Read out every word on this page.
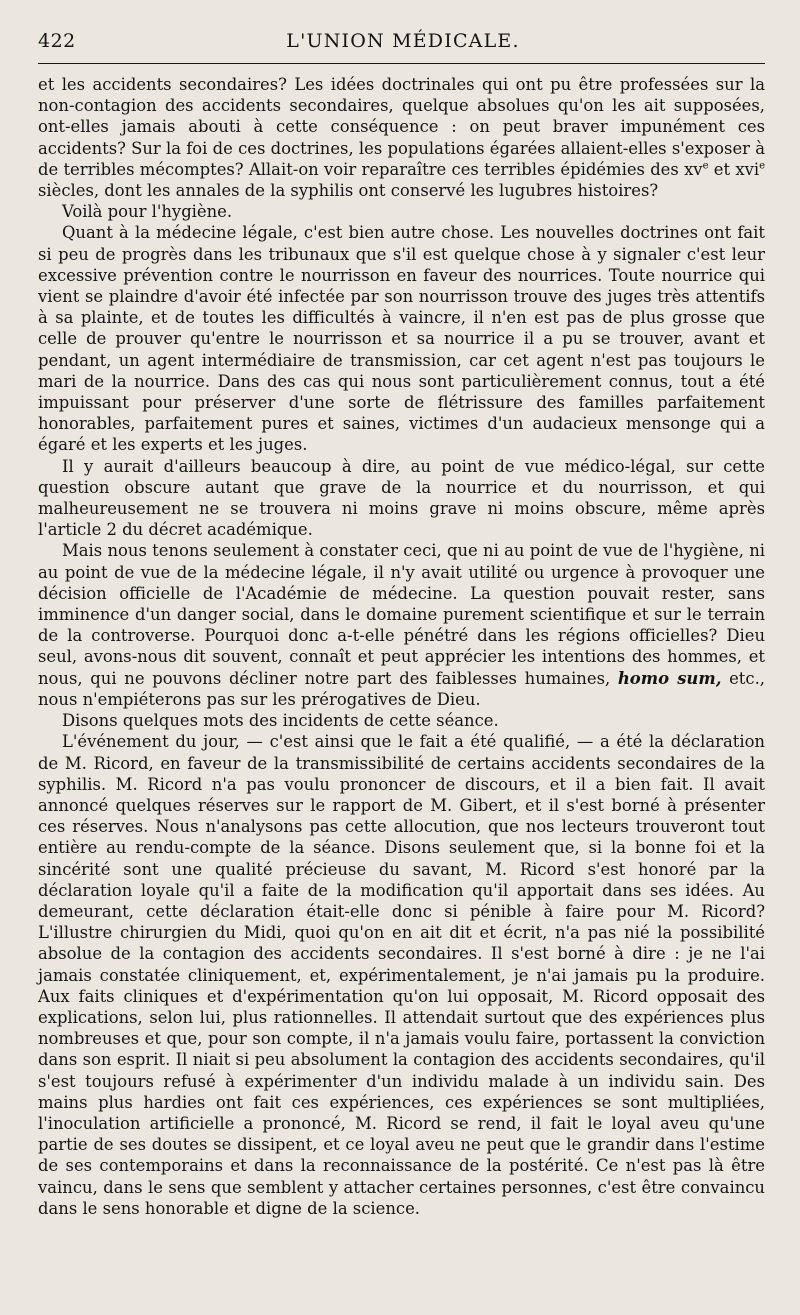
422	L'UNION MÉDICALE.

et les accidents secondaires? Les idées doctrinales qui ont pu être professées sur la non-contagion des accidents secondaires, quelque absolues qu'on les ait supposées, ont-elles jamais abouti à cette conséquence : on peut braver impunément ces accidents? Sur la foi de ces doctrines, les populations égarées allaient-elles s'exposer à de terribles mécomptes? Allait-on voir reparaître ces terribles épidémies des $xv^e$ et xvi$^e$ siècles, dont les annales de la syphilis ont conservé les lugubres histoires?

Voilà pour l'hygiène.

Quant à la médecine légale, c'est bien autre chose. Les nouvelles doctrines ont fait si peu de progrès dans les tribunaux que s'il est quelque chose à y signaler c'est leur excessive prévention contre le nourrisson en faveur des nourrices. Toute nourrice qui vient se plaindre d'avoir été infectée par son nourrisson trouve des juges très attentifs à sa plainte, et de toutes les difficultés à vaincre, il n'en est pas de plus grosse que celle de prouver qu'entre le nourrisson et sa nourrice il a pu se trouver, avant et pendant, un agent intermédiaire de transmission, car cet agent n'est pas toujours le mari de la nourrice. Dans des cas qui nous sont particulièrement connus, tout a été impuissant pour préserver d'une sorte de flétrissure des familles parfaitement honorables, parfaitement pures et saines, victimes d'un audacieux mensonge qui a égaré et les experts et les juges.

Il y aurait d'ailleurs beaucoup à dire, au point de vue médico-légal, sur cette question obscure autant que grave de la nourrice et du nourrisson, et qui malheureusement ne se trouvera ni moins grave ni moins obscure, même après l'article 2 du décret académique.

Mais nous tenons seulement à constater ceci, que ni au point de vue de l'hygiène, ni au point de vue de la médecine légale, il n'y avait utilité ou urgence à provoquer une décision officielle de l'Académie de médecine. La question pouvait rester, sans imminence d'un danger social, dans le domaine purement scientifique et sur le terrain de la controverse. Pourquoi donc a-t-elle pénétré dans les régions officielles? Dieu seul, avons-nous dit souvent, connaît et peut apprécier les intentions des hommes, et nous, qui ne pouvons décliner notre part des faiblesses humaines, homo sum, etc., nous n'empiéterons pas sur les prérogatives de Dieu.

Disons quelques mots des incidents de cette séance.

L'événement du jour, — c'est ainsi que le fait a été qualifié, — a été la déclaration de M. Ricord, en faveur de la transmissibilité de certains accidents secondaires de la syphilis. M. Ricord n'a pas voulu prononcer de discours, et il a bien fait. Il avait annoncé quelques réserves sur le rapport de M. Gibert, et il s'est borné à présenter ces réserves. Nous n'analysons pas cette allocution, que nos lecteurs trouveront tout entière au rendu-compte de la séance. Disons seulement que, si la bonne foi et la sincérité sont une qualité précieuse du savant, M. Ricord s'est honoré par la déclaration loyale qu'il a faite de la modification qu'il apportait dans ses idées. Au demeurant, cette déclaration était-elle donc si pénible à faire pour M. Ricord? L'illustre chirurgien du Midi, quoi qu'on en ait dit et écrit, n'a pas nié la possibilité absolue de la contagion des accidents secondaires. Il s'est borné à dire : je ne l'ai jamais constatée cliniquement, et, expérimentalement, je n'ai jamais pu la produire. Aux faits cliniques et d'expérimentation qu'on lui opposait, M. Ricord opposait des explications, selon lui, plus rationnelles. Il attendait surtout que des expériences plus nombreuses et que, pour son compte, il n'a jamais voulu faire, portassent la conviction dans son esprit. Il niait si peu absolument la contagion des accidents secondaires, qu'il s'est toujours refusé à expérimenter d'un individu malade à un individu sain. Des mains plus hardies ont fait ces expériences, ces expériences se sont multipliées, l'inoculation artificielle a prononcé, M. Ricord se rend, il fait le loyal aveu qu'une partie de ses doutes se dissipent, et ce loyal aveu ne peut que le grandir dans l'estime de ses contemporains et dans la reconnaissance de la postérité. Ce n'est pas là être vaincu, dans le sens que semblent y attacher certaines personnes, c'est être convaincu dans le sens honorable et digne de la science.
